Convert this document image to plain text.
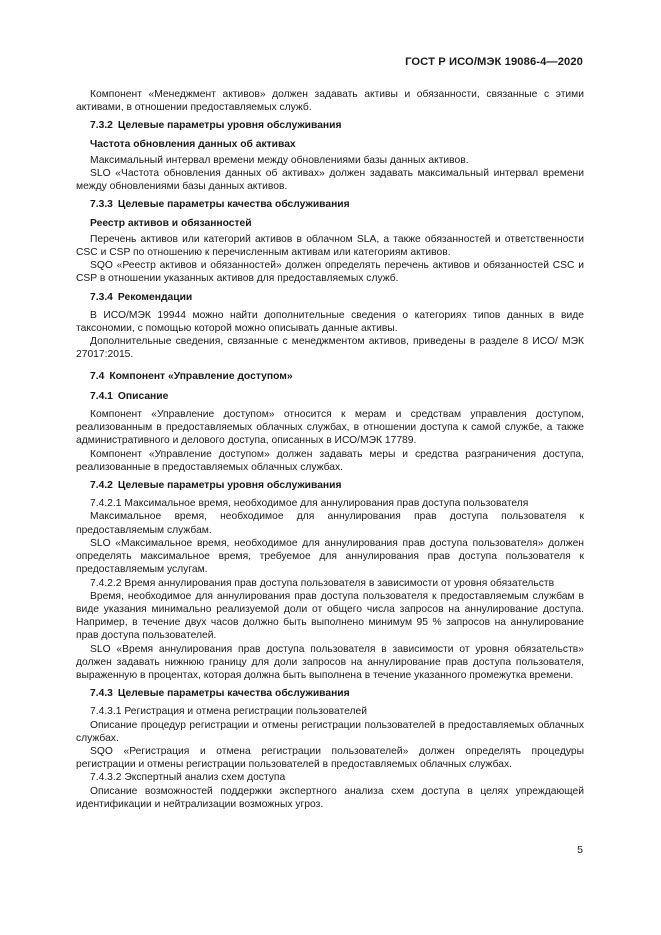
ГОСТ Р ИСО/МЭК 19086-4—2020

Компонент «Менеджмент активов» должен задавать активы и обязанности, связанные с этими активами, в отношении предоставляемых служб.

7.3.2 Целевые параметры уровня обслуживания

Частота обновления данных об активах

Максимальный интервал времени между обновлениями базы данных активов.

SLO «Частота обновления данных об активах» должен задавать максимальный интервал времени между обновлениями базы данных активов.

7.3.3 Целевые параметры качества обслуживания

Реестр активов и обязанностей

Перечень активов или категорий активов в облачном SLA, а также обязанностей и ответственности CSC и CSP по отношению к перечисленным активам или категориям активов.

SQO «Реестр активов и обязанностей» должен определять перечень активов и обязанностей CSC и CSP в отношении указанных активов для предоставляемых служб.

7.3.4 Рекомендации

В ИСО/МЭК 19944 можно найти дополнительные сведения о категориях типов данных в виде таксономии, с помощью которой можно описывать данные активы.

Дополнительные сведения, связанные с менеджментом активов, приведены в разделе 8 ИСО/ МЭК 27017:2015.

7.4 Компонент «Управление доступом»

7.4.1 Описание

Компонент «Управление доступом» относится к мерам и средствам управления доступом, реализованным в предоставляемых облачных службах, в отношении доступа к самой службе, а также административного и делового доступа, описанных в ИСО/МЭК 17789.

Компонент «Управление доступом» должен задавать меры и средства разграничения доступа, реализованные в предоставляемых облачных службах.

7.4.2 Целевые параметры уровня обслуживания

7.4.2.1 Максимальное время, необходимое для аннулирования прав доступа пользователя

Максимальное время, необходимое для аннулирования прав доступа пользователя к предоставляемым службам.

SLO «Максимальное время, необходимое для аннулирования прав доступа пользователя» должен определять максимальное время, требуемое для аннулирования прав доступа пользователя к предоставляемым услугам.

7.4.2.2 Время аннулирования прав доступа пользователя в зависимости от уровня обязательств

Время, необходимое для аннулирования прав доступа пользователя к предоставляемым службам в виде указания минимально реализуемой доли от общего числа запросов на аннулирование доступа. Например, в течение двух часов должно быть выполнено минимум 95 % запросов на аннулирование прав доступа пользователей.

SLO «Время аннулирования прав доступа пользователя в зависимости от уровня обязательств» должен задавать нижнюю границу для доли запросов на аннулирование прав доступа пользователя, выраженную в процентах, которая должна быть выполнена в течение указанного промежутка времени.

7.4.3 Целевые параметры качества обслуживания

7.4.3.1 Регистрация и отмена регистрации пользователей

Описание процедур регистрации и отмены регистрации пользователей в предоставляемых облачных службах.

SQO «Регистрация и отмена регистрации пользователей» должен определять процедуры регистрации и отмены регистрации пользователей в предоставляемых облачных службах.

7.4.3.2 Экспертный анализ схем доступа

Описание возможностей поддержки экспертного анализа схем доступа в целях упреждающей идентификации и нейтрализации возможных угроз.

5
